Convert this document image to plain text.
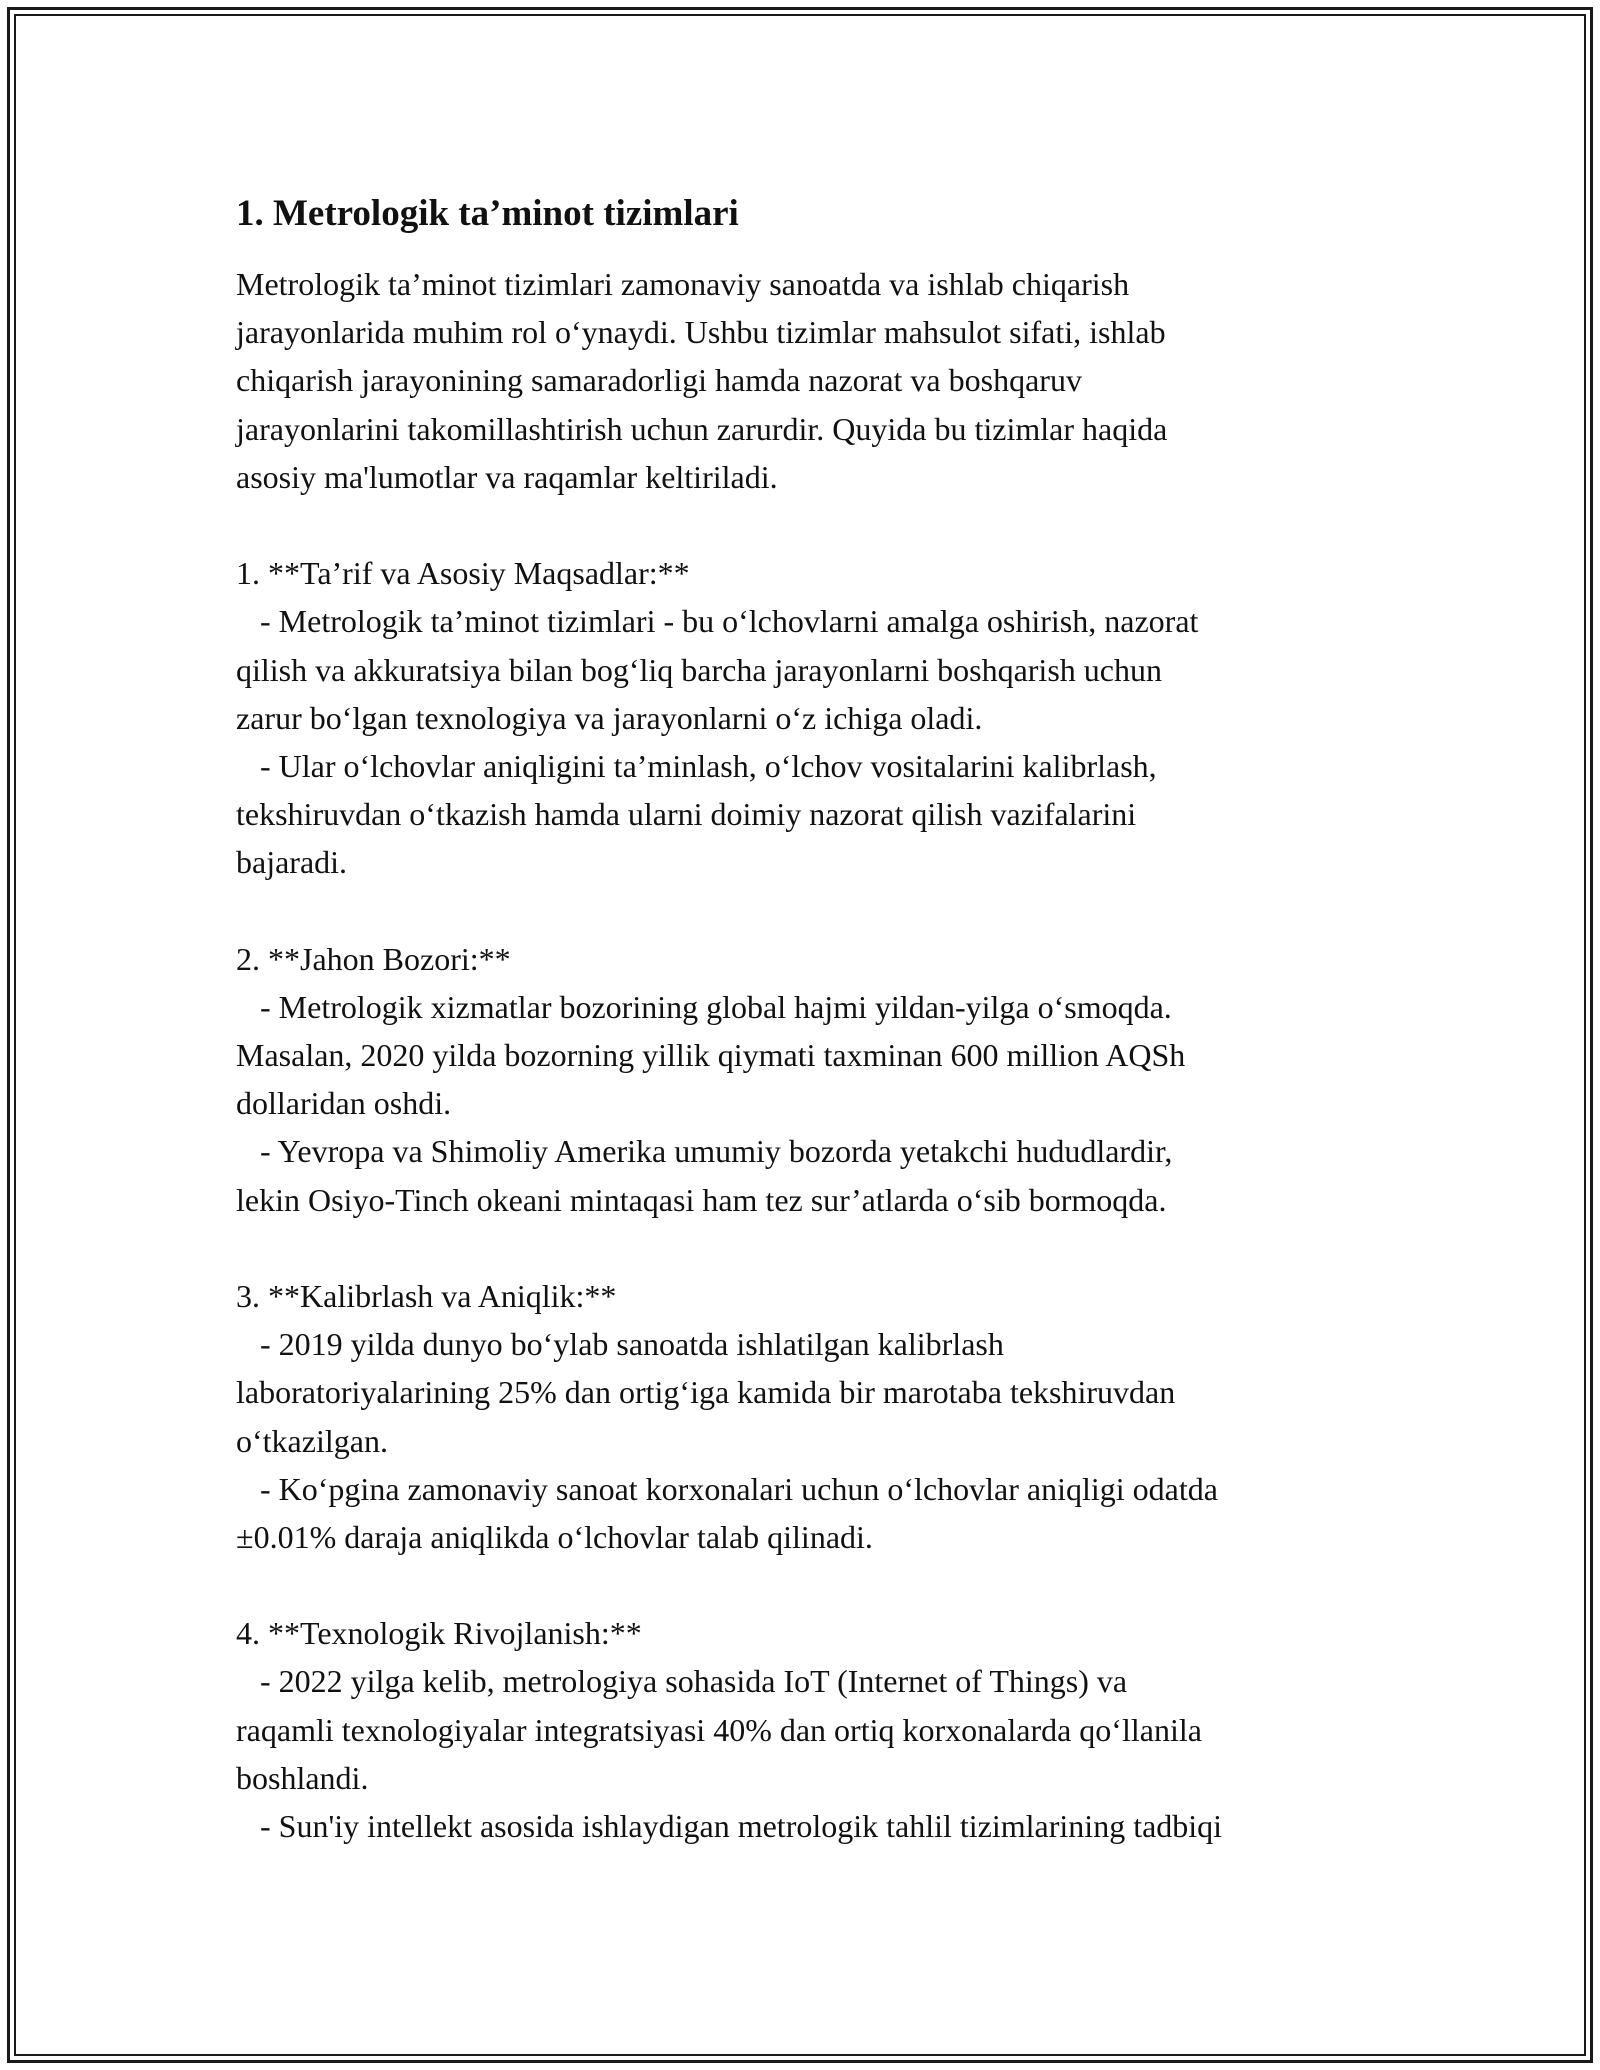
1. Metrologik ta’minot tizimlari
Metrologik ta’minot tizimlari zamonaviy sanoatda va ishlab chiqarish
jarayonlarida muhim rol o‘ynaydi. Ushbu tizimlar mahsulot sifati, ishlab
chiqarish jarayonining samaradorligi hamda nazorat va boshqaruv
jarayonlarini takomillashtirish uchun zarurdir. Quyida bu tizimlar haqida
asosiy ma'lumotlar va raqamlar keltiriladi.
1. **Ta’rif va Asosiy Maqsadlar:**
- Metrologik ta’minot tizimlari - bu o‘lchovlarni amalga oshirish, nazorat
qilish va akkuratsiya bilan bog‘liq barcha jarayonlarni boshqarish uchun
zarur bo‘lgan texnologiya va jarayonlarni o‘z ichiga oladi.
- Ular o‘lchovlar aniqligini ta’minlash, o‘lchov vositalarini kalibrlash,
tekshiruvdan o‘tkazish hamda ularni doimiy nazorat qilish vazifalarini
bajaradi.
2. **Jahon Bozori:**
- Metrologik xizmatlar bozorining global hajmi yildan-yilga o‘smoqda.
Masalan, 2020 yilda bozorning yillik qiymati taxminan 600 million AQSh
dollaridan oshdi.
- Yevropa va Shimoliy Amerika umumiy bozorda yetakchi hududlardir,
lekin Osiyo-Tinch okeani mintaqasi ham tez sur’atlarda o‘sib bormoqda.
3. **Kalibrlash va Aniqlik:**
- 2019 yilda dunyo bo‘ylab sanoatda ishlatilgan kalibrlash
laboratoriyalarining 25% dan ortig‘iga kamida bir marotaba tekshiruvdan
o‘tkazilgan.
- Ko‘pgina zamonaviy sanoat korxonalari uchun o‘lchovlar aniqligi odatda
±0.01% daraja aniqlikda o‘lchovlar talab qilinadi.
4. **Texnologik Rivojlanish:**
- 2022 yilga kelib, metrologiya sohasida IoT (Internet of Things) va
raqamli texnologiyalar integratsiyasi 40% dan ortiq korxonalarda qo‘llanila
boshlandi.
- Sun'iy intellekt asosida ishlaydigan metrologik tahlil tizimlarining tadbiqi
